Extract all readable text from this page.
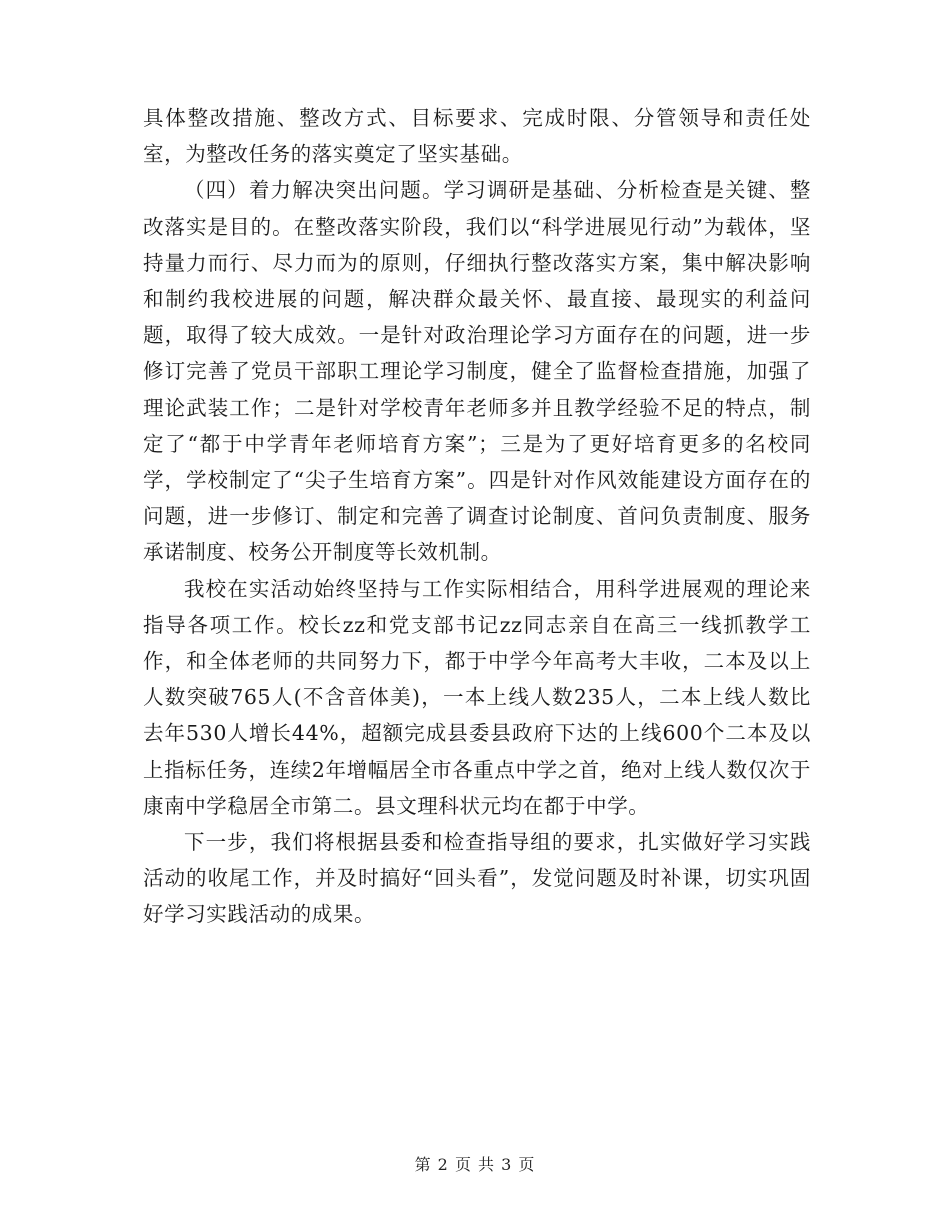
具体整改措施、整改方式、目标要求、完成时限、分管领导和责任处室，为整改任务的落实奠定了坚实基础。

（四）着力解决突出问题。学习调研是基础、分析检查是关键、整改落实是目的。在整改落实阶段，我们以“科学进展见行动”为载体，坚持量力而行、尽力而为的原则，仔细执行整改落实方案，集中解决影响和制约我校进展的问题，解决群众最关怀、最直接、最现实的利益问题，取得了较大成效。一是针对政治理论学习方面存在的问题，进一步修订完善了党员干部职工理论学习制度，健全了监督检查措施，加强了理论武装工作；二是针对学校青年老师多并且教学经验不足的特点，制定了“都于中学青年老师培育方案”；三是为了更好培育更多的名校同学，学校制定了“尖子生培育方案”。四是针对作风效能建设方面存在的问题，进一步修订、制定和完善了调查讨论制度、首问负责制度、服务承诺制度、校务公开制度等长效机制。

我校在实活动始终坚持与工作实际相结合，用科学进展观的理论来指导各项工作。校长zz和党支部书记zz同志亲自在高三一线抓教学工作，和全体老师的共同努力下，都于中学今年高考大丰收，二本及以上人数突破765人(不含音体美)，一本上线人数235人，二本上线人数比去年530人增长44%，超额完成县委县政府下达的上线600个二本及以上指标任务，连续2年增幅居全市各重点中学之首，绝对上线人数仅次于康南中学稳居全市第二。县文理科状元均在都于中学。

下一步，我们将根据县委和检查指导组的要求，扎实做好学习实践活动的收尾工作，并及时搞好“回头看”，发觉问题及时补课，切实巩固好学习实践活动的成果。

第 2 页 共 3 页
